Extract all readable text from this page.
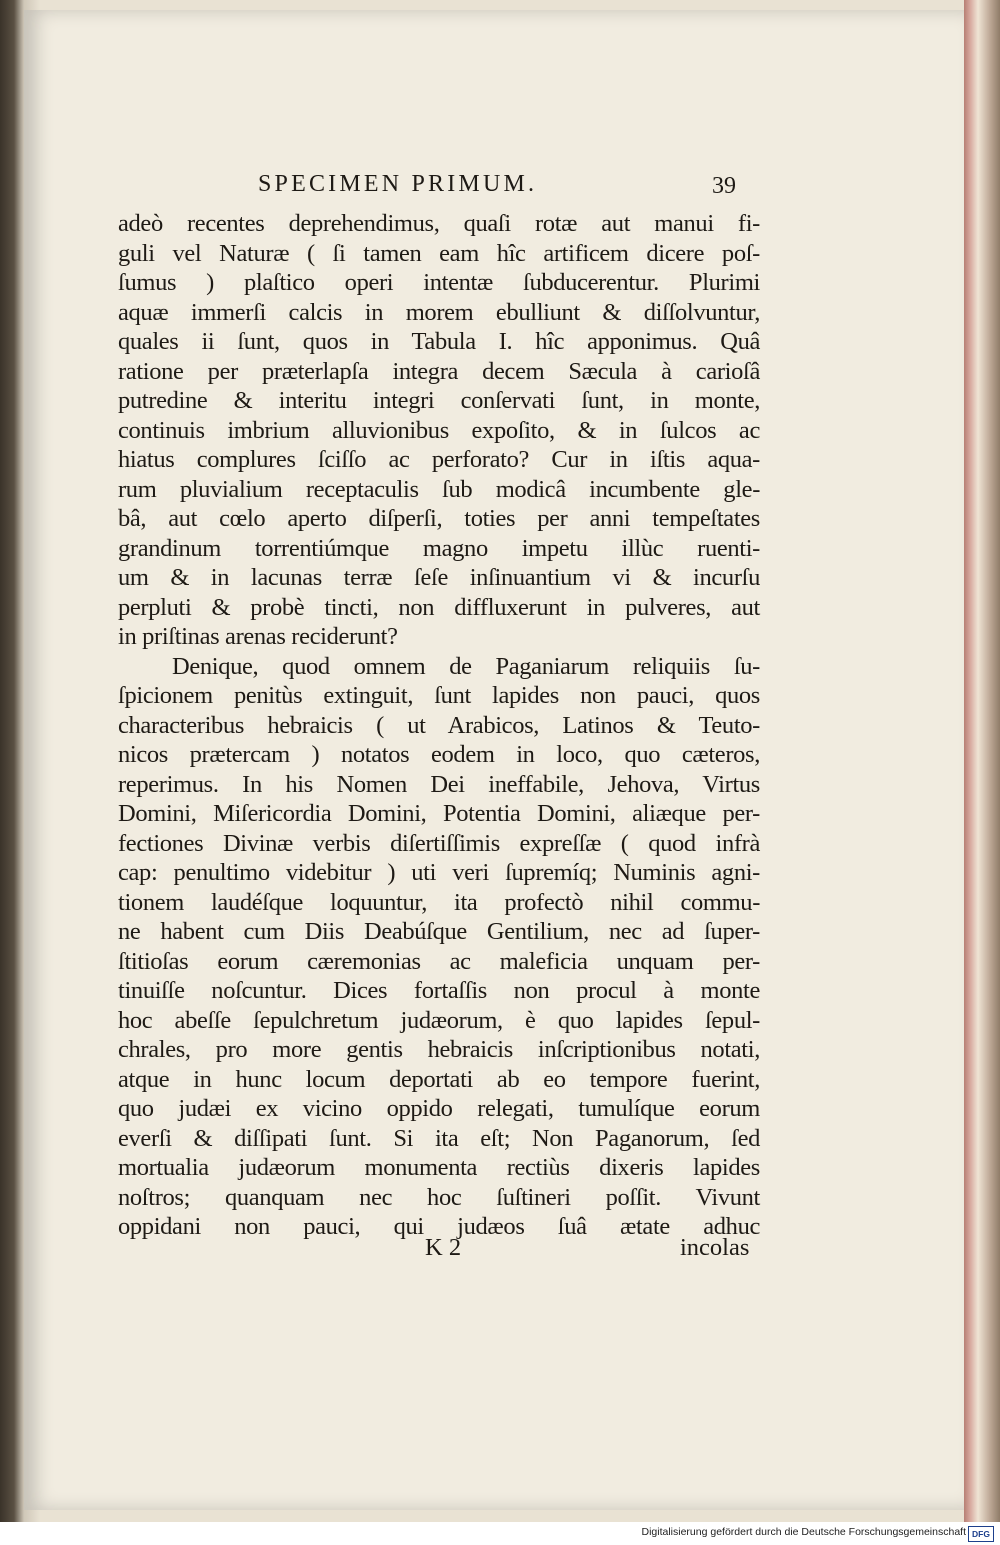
SPECIMEN PRIMUM.	39
adeò recentes deprehendimus, quaſi rotæ aut manui fi-
guli vel Naturæ ( ſi tamen eam hîc artificem dicere poſ-
ſumus ) plaſtico operi intentæ ſubducerentur. Plurimi
aquæ immerſi calcis in morem ebulliunt & diſſolvuntur,
quales ii ſunt, quos in Tabula I. hîc apponimus. Quâ
ratione per præterlapſa integra decem Sæcula à carioſâ
putredine & interitu integri conſervati ſunt, in monte,
continuis imbrium alluvionibus expoſito, & in ſulcos ac
hiatus complures ſciſſo ac perforato? Cur in iſtis aqua-
rum pluvialium receptaculis ſub modicâ incumbente gle-
bâ, aut cœlo aperto diſperſi, toties per anni tempeſtates
grandinum torrentiúmque magno impetu illùc ruenti-
um & in lacunas terræ ſeſe inſinuantium vi & incurſu
perpluti & probè tincti, non diffluxerunt in pulveres, aut
in priſtinas arenas reciderunt?
Denique, quod omnem de Paganiarum reliquiis ſu-
ſpicionem penitùs extinguit, ſunt lapides non pauci, quos
characteribus hebraicis ( ut Arabicos, Latinos & Teuto-
nicos prætercam ) notatos eodem in loco, quo cæteros,
reperimus. In his Nomen Dei ineffabile, Jehova, Virtus
Domini, Miſericordia Domini, Potentia Domini, aliæque per-
fectiones Divinæ verbis diſertiſſimis expreſſæ ( quod infrà
cap: penultimo videbitur ) uti veri ſupremíq; Numinis agni-
tionem laudéſque loquuntur, ita profectò nihil commu-
ne habent cum Diis Deabúſque Gentilium, nec ad ſuper-
ſtitioſas eorum cæremonias ac maleficia unquam per-
tinuiſſe noſcuntur. Dices fortaſſis non procul à monte
hoc abeſſe ſepulchretum judæorum, è quo lapides ſepul-
chrales, pro more gentis hebraicis inſcriptionibus notati,
atque in hunc locum deportati ab eo tempore fuerint,
quo judæi ex vicino oppido relegati, tumulíque eorum
everſi & diſſipati ſunt. Si ita eſt; Non Paganorum, ſed
mortualia judæorum monumenta rectiùs dixeris lapides
noſtros; quanquam nec hoc ſuſtineri poſſit. Vivunt
oppidani non pauci, qui judæos ſuâ ætate adhuc
K 2	incolas
Digitalisierung gefördert durch die Deutsche Forschungsgemeinschaft DFG
